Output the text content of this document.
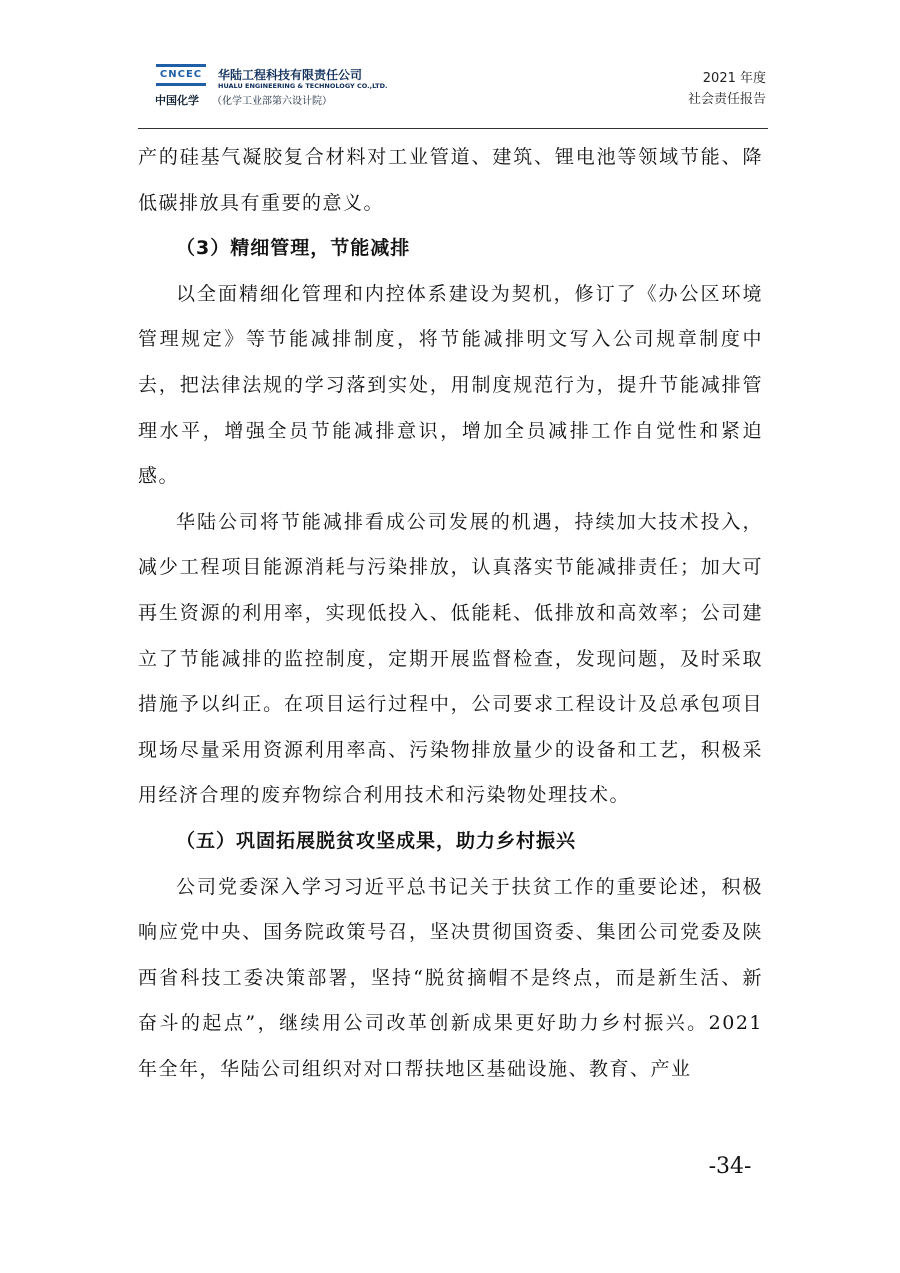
CNCEC
中国化学
华陆工程科技有限责任公司
HUALU ENGINEERING & TECHNOLOGY CO.,LTD.
（化学工业部第六设计院）
2021 年度
社会责任报告

产的硅基气凝胶复合材料对工业管道、建筑、锂电池等领域节能、降低碳排放具有重要的意义。

（3）精细管理，节能减排

以全面精细化管理和内控体系建设为契机，修订了《办公区环境管理规定》等节能减排制度，将节能减排明文写入公司规章制度中去，把法律法规的学习落到实处，用制度规范行为，提升节能减排管理水平，增强全员节能减排意识，增加全员减排工作自觉性和紧迫感。

华陆公司将节能减排看成公司发展的机遇，持续加大技术投入，减少工程项目能源消耗与污染排放，认真落实节能减排责任；加大可再生资源的利用率，实现低投入、低能耗、低排放和高效率；公司建立了节能减排的监控制度，定期开展监督检查，发现问题，及时采取措施予以纠正。在项目运行过程中，公司要求工程设计及总承包项目现场尽量采用资源利用率高、污染物排放量少的设备和工艺，积极采用经济合理的废弃物综合利用技术和污染物处理技术。

（五）巩固拓展脱贫攻坚成果，助力乡村振兴

公司党委深入学习习近平总书记关于扶贫工作的重要论述，积极响应党中央、国务院政策号召，坚决贯彻国资委、集团公司党委及陕西省科技工委决策部署，坚持“脱贫摘帽不是终点，而是新生活、新奋斗的起点”，继续用公司改革创新成果更好助力乡村振兴。2021 年全年，华陆公司组织对对口帮扶地区基础设施、教育、产业

-34-
